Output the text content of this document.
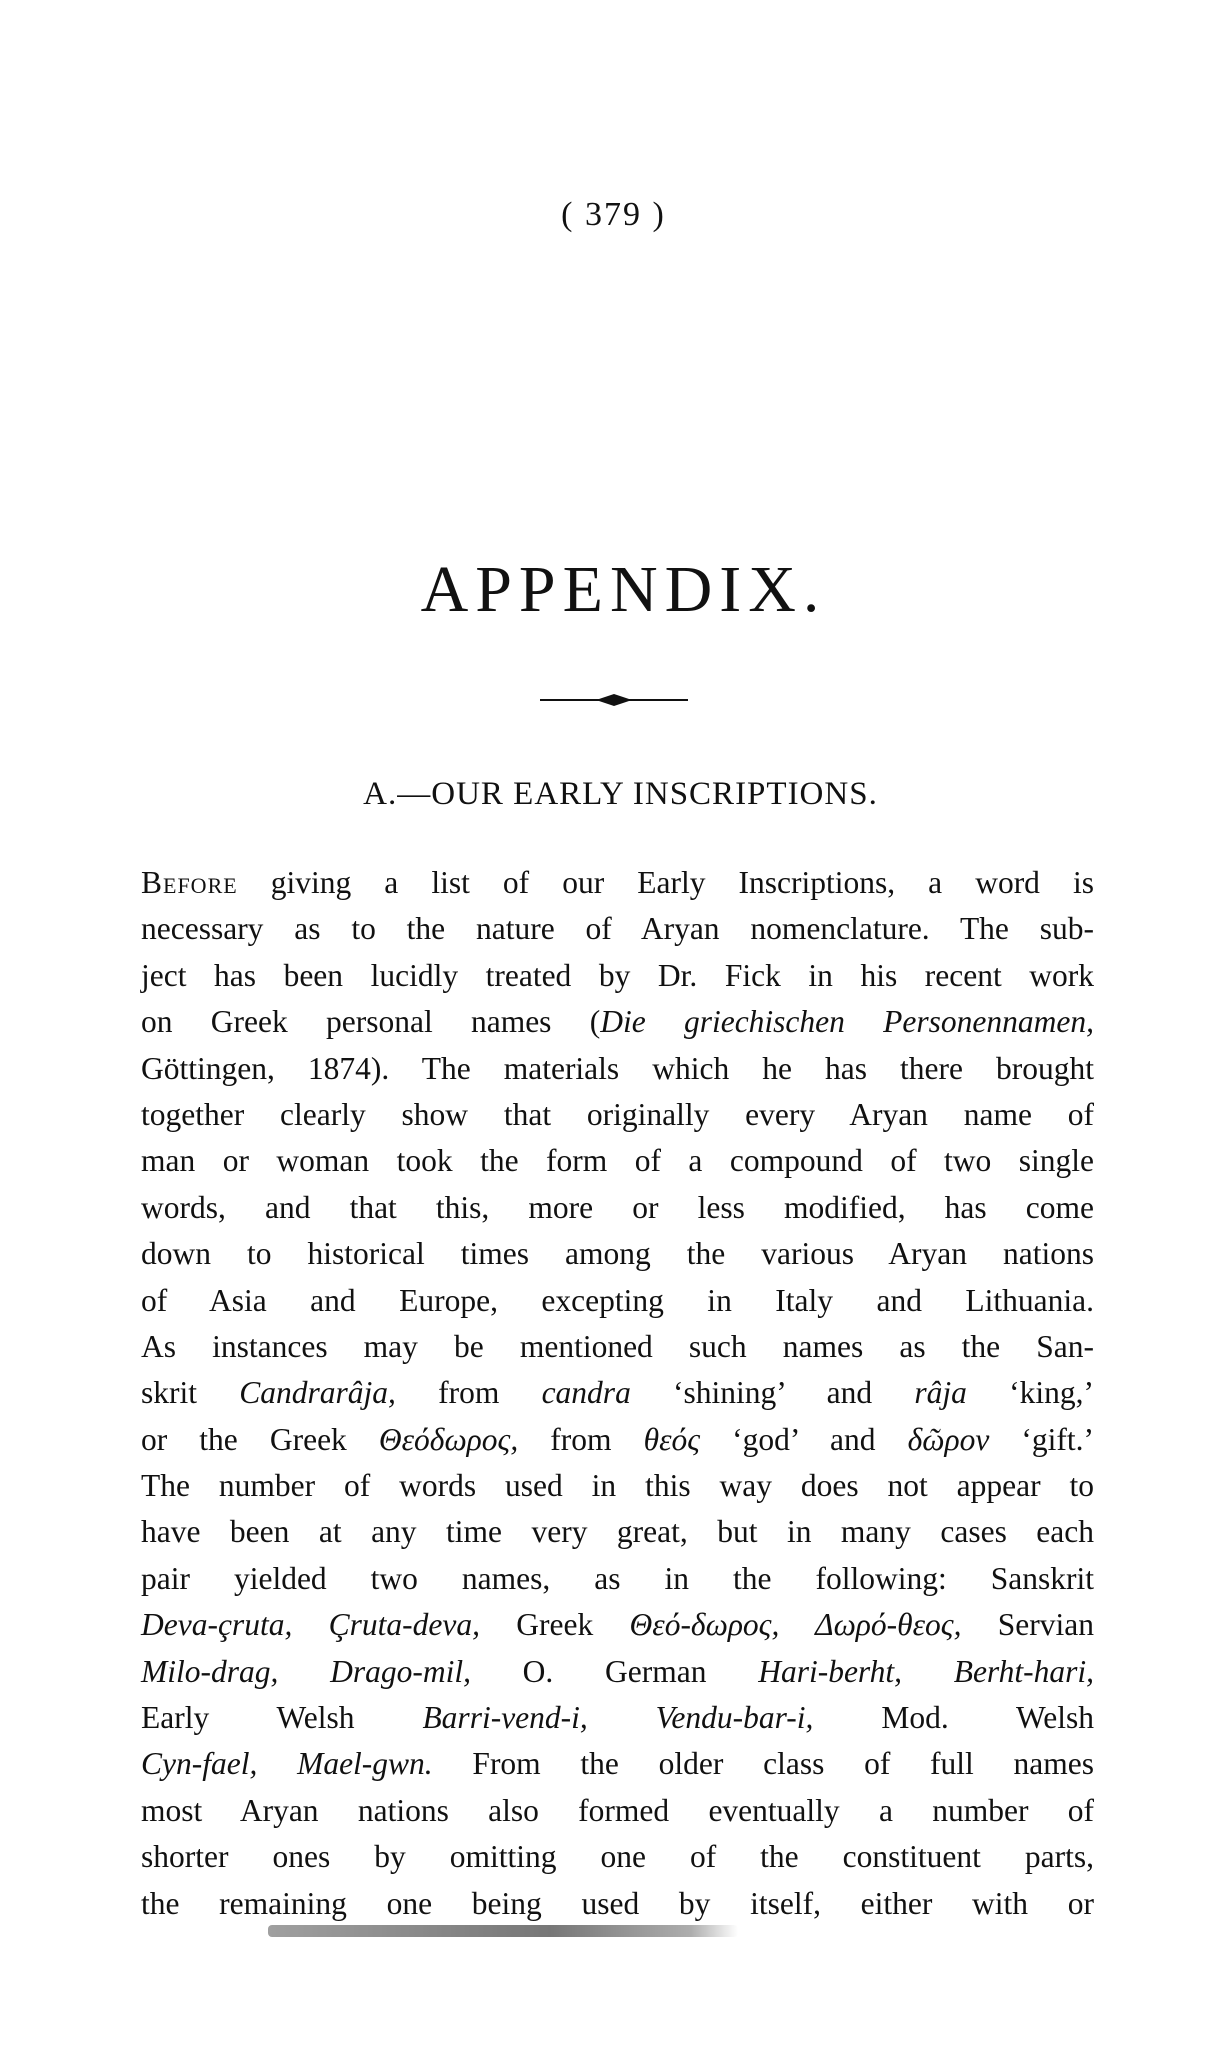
( 379 )
APPENDIX.
A.—OUR EARLY INSCRIPTIONS.
Before giving a list of our Early Inscriptions, a word is
necessary as to the nature of Aryan nomenclature. The sub-
ject has been lucidly treated by Dr. Fick in his recent work
on Greek personal names (Die griechischen Personennamen,
Göttingen, 1874). The materials which he has there brought
together clearly show that originally every Aryan name of
man or woman took the form of a compound of two single
words, and that this, more or less modified, has come
down to historical times among the various Aryan nations
of Asia and Europe, excepting in Italy and Lithuania.
As instances may be mentioned such names as the San-
skrit Candrarâja, from candra ‘shining’ and râja ‘king,’
or the Greek Θεόδωρος, from θεός ‘god’ and δῶρον ‘gift.’
The number of words used in this way does not appear to
have been at any time very great, but in many cases each
pair yielded two names, as in the following: Sanskrit
Deva-çruta, Çruta-deva, Greek Θεό-δωρος, Δωρό-θεος, Servian
Milo-drag, Drago-mil, O. German Hari-berht, Berht-hari,
Early Welsh Barri-vend-i, Vendu-bar-i, Mod. Welsh
Cyn-fael, Mael-gwn. From the older class of full names
most Aryan nations also formed eventually a number of
shorter ones by omitting one of the constituent parts,
the remaining one being used by itself, either with or
